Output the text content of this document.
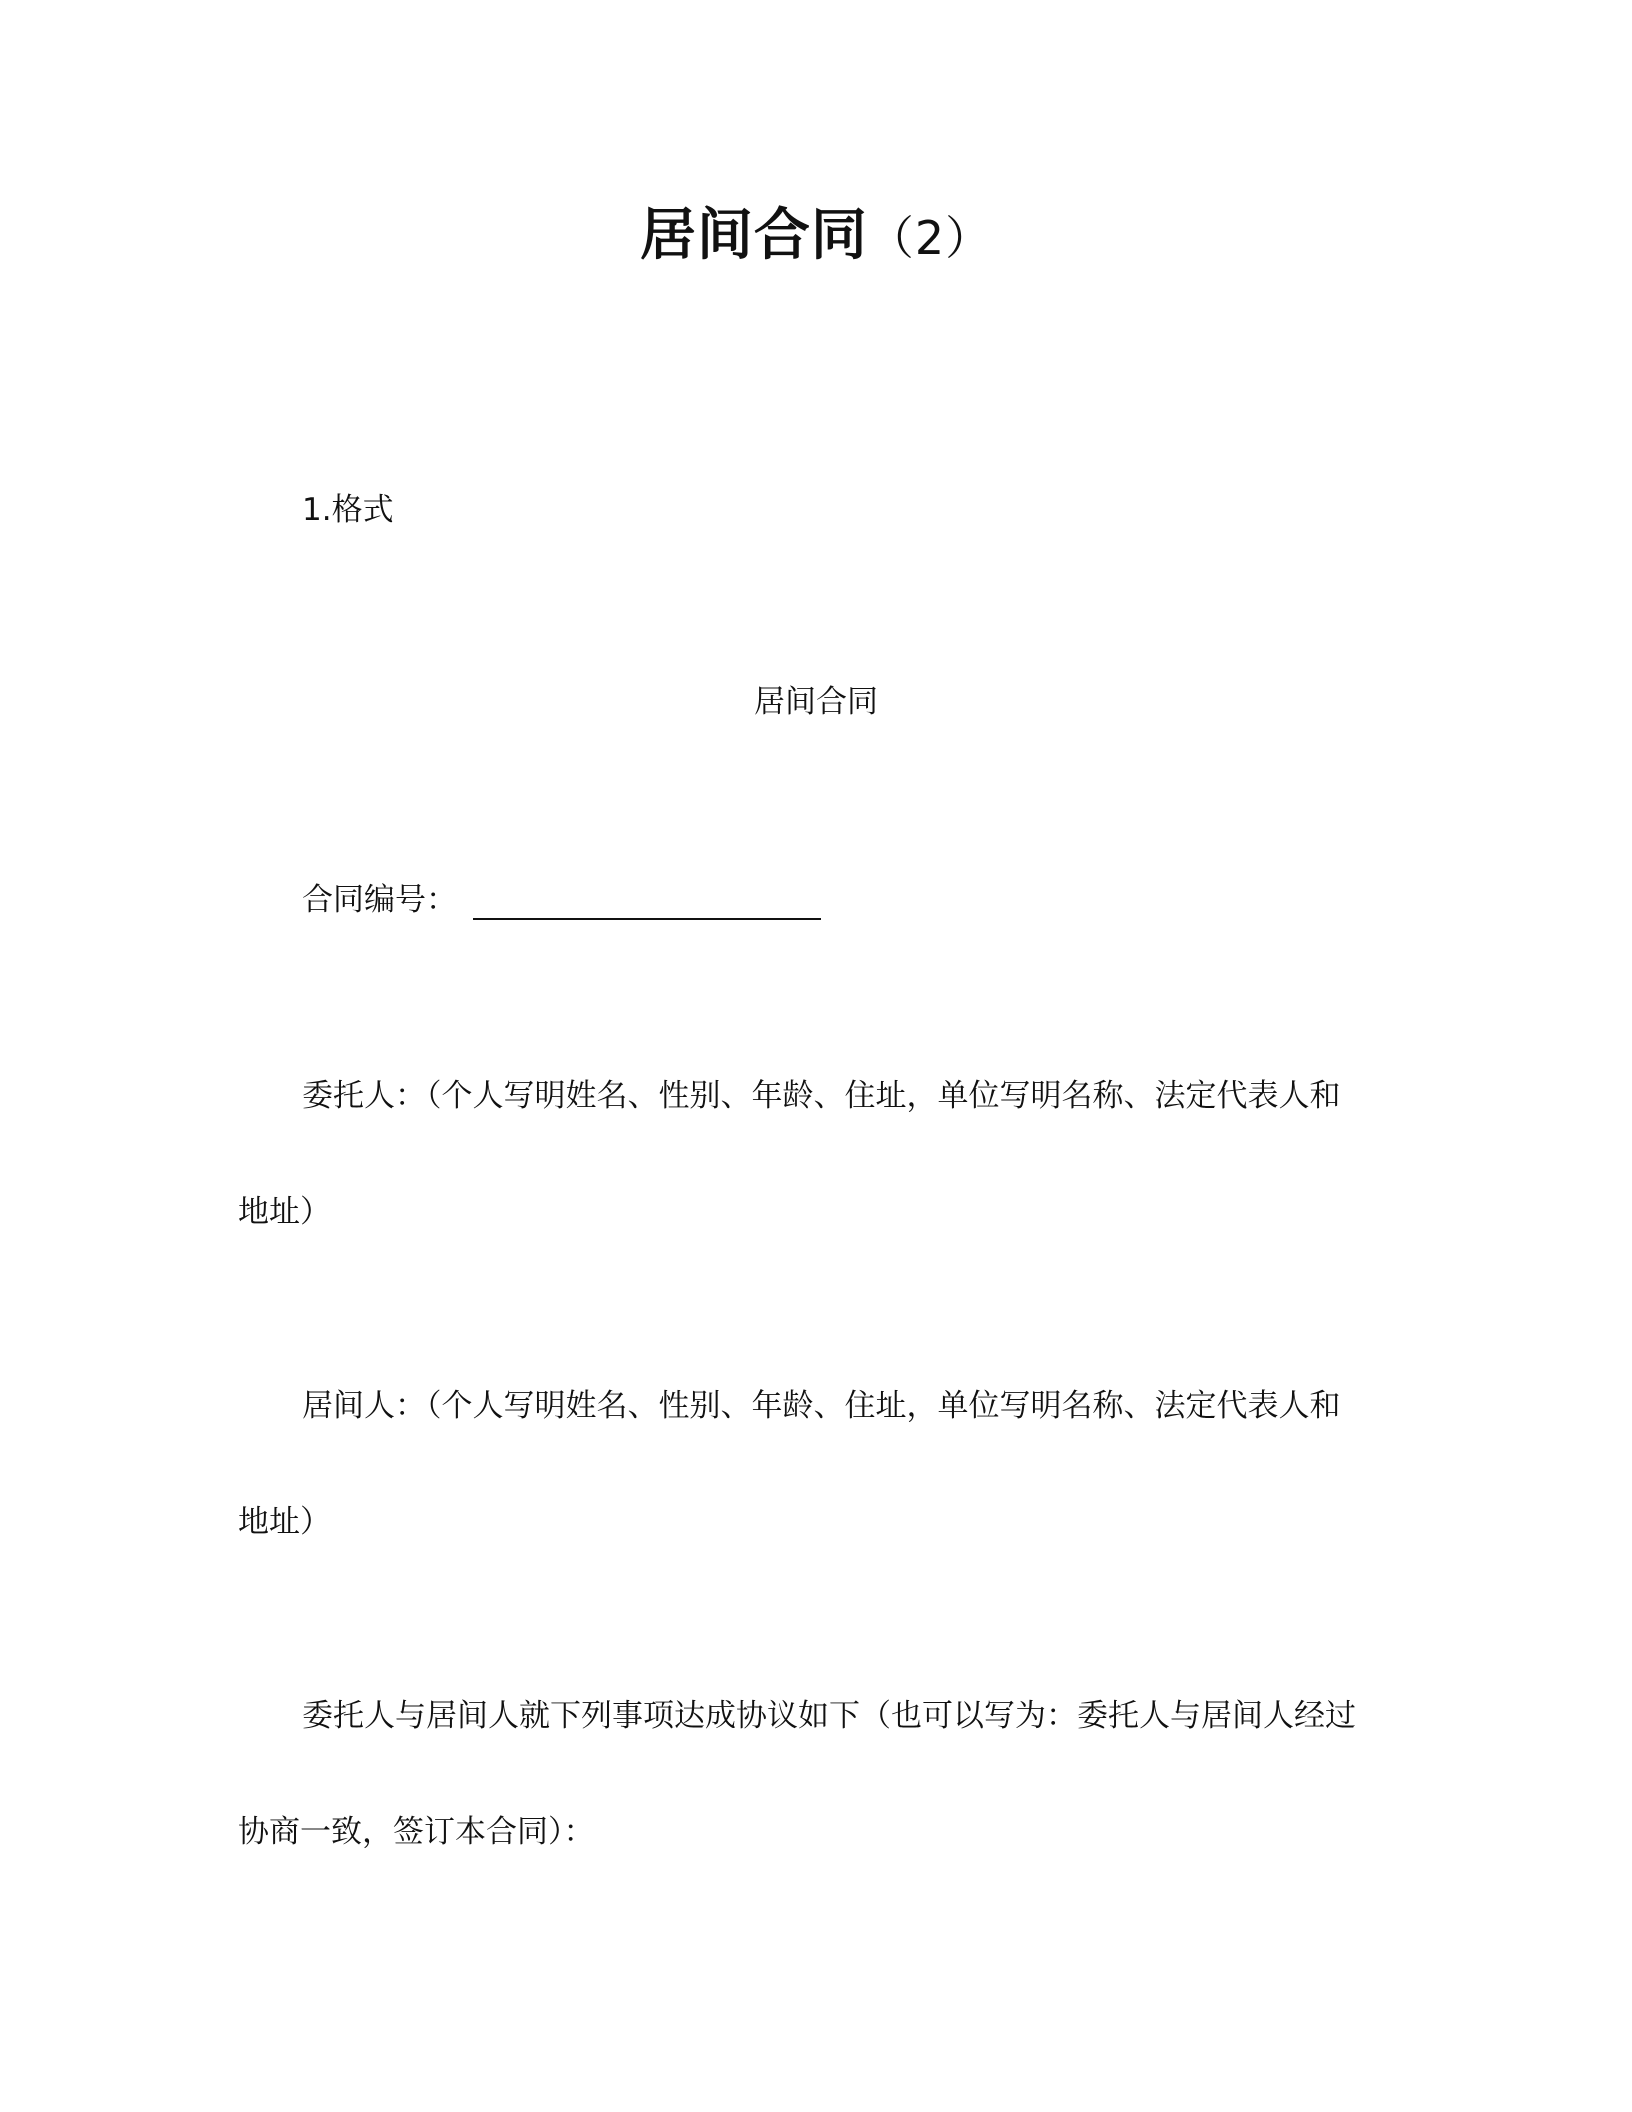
居间合同（2）
1.格式
居间合同
合同编号：
委托人：（个人写明姓名、性别、年龄、住址，单位写明名称、法定代表人和
地址）
居间人：（个人写明姓名、性别、年龄、住址，单位写明名称、法定代表人和
地址）
委托人与居间人就下列事项达成协议如下（也可以写为：委托人与居间人经过
协商一致，签订本合同）：
